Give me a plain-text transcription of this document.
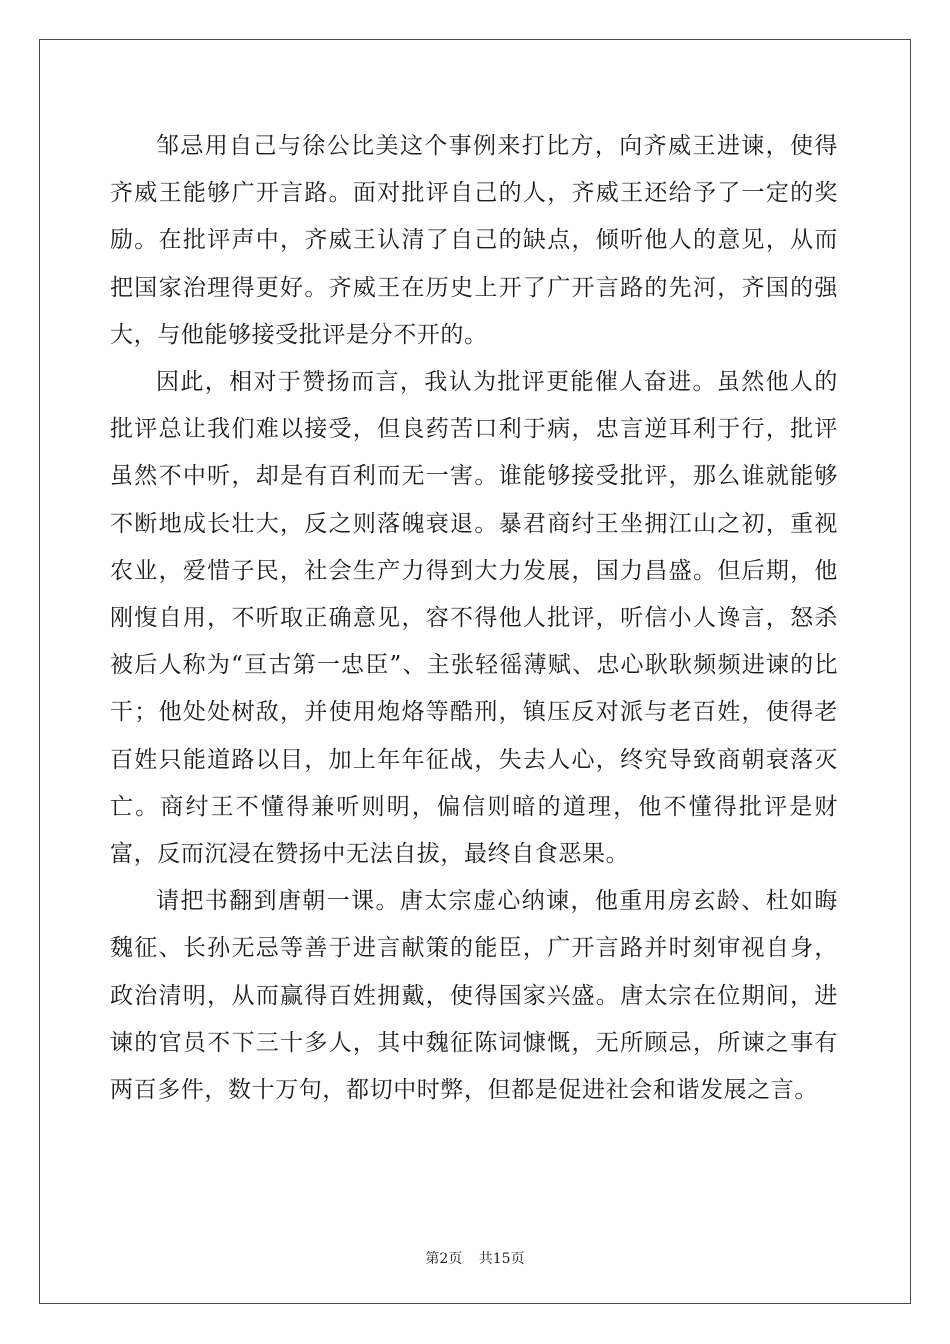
邹忌用自己与徐公比美这个事例来打比方，向齐威王进谏，使得齐威王能够广开言路。面对批评自己的人，齐威王还给予了一定的奖励。在批评声中，齐威王认清了自己的缺点，倾听他人的意见，从而把国家治理得更好。齐威王在历史上开了广开言路的先河，齐国的强大，与他能够接受批评是分不开的。

因此，相对于赞扬而言，我认为批评更能催人奋进。虽然他人的批评总让我们难以接受，但良药苦口利于病，忠言逆耳利于行，批评虽然不中听，却是有百利而无一害。谁能够接受批评，那么谁就能够不断地成长壮大，反之则落魄衰退。暴君商纣王坐拥江山之初，重视农业，爱惜子民，社会生产力得到大力发展，国力昌盛。但后期，他刚愎自用，不听取正确意见，容不得他人批评，听信小人谗言，怒杀被后人称为“亘古第一忠臣”、主张轻徭薄赋、忠心耿耿频频进谏的比干；他处处树敌，并使用炮烙等酷刑，镇压反对派与老百姓，使得老百姓只能道路以目，加上年年征战，失去人心，终究导致商朝衰落灭亡。商纣王不懂得兼听则明，偏信则暗的道理，他不懂得批评是财富，反而沉浸在赞扬中无法自拔，最终自食恶果。

请把书翻到唐朝一课。唐太宗虚心纳谏，他重用房玄龄、杜如晦魏征、长孙无忌等善于进言献策的能臣，广开言路并时刻审视自身，政治清明，从而赢得百姓拥戴，使得国家兴盛。唐太宗在位期间，进谏的官员不下三十多人，其中魏征陈词慷慨，无所顾忌，所谏之事有两百多件，数十万句，都切中时弊，但都是促进社会和谐发展之言。

第2页 共15页
